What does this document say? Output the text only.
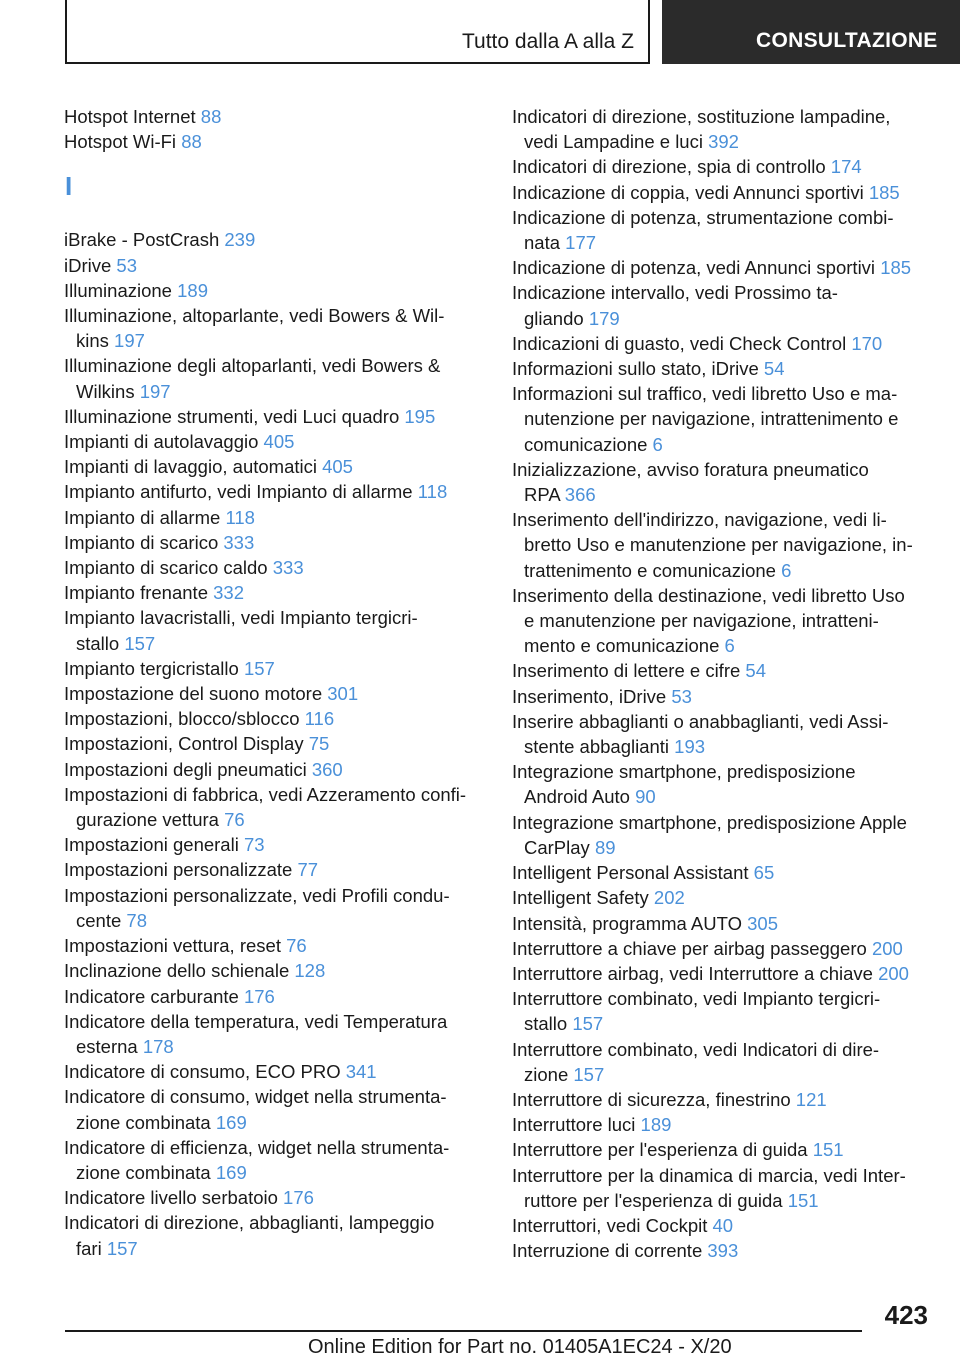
Tutto dalla A alla Z	CONSULTAZIONE
Hotspot Internet 88
Hotspot Wi-Fi 88
I
iBrake - PostCrash 239
iDrive 53
Illuminazione 189
Illuminazione, altoparlante, vedi Bowers & Wil-
kins 197
Illuminazione degli altoparlanti, vedi Bowers &
Wilkins 197
Illuminazione strumenti, vedi Luci quadro 195
Impianti di autolavaggio 405
Impianti di lavaggio, automatici 405
Impianto antifurto, vedi Impianto di allarme 118
Impianto di allarme 118
Impianto di scarico 333
Impianto di scarico caldo 333
Impianto frenante 332
Impianto lavacristalli, vedi Impianto tergicri-
stallo 157
Impianto tergicristallo 157
Impostazione del suono motore 301
Impostazioni, blocco/sblocco 116
Impostazioni, Control Display 75
Impostazioni degli pneumatici 360
Impostazioni di fabbrica, vedi Azzeramento confi-
gurazione vettura 76
Impostazioni generali 73
Impostazioni personalizzate 77
Impostazioni personalizzate, vedi Profili condu-
cente 78
Impostazioni vettura, reset 76
Inclinazione dello schienale 128
Indicatore carburante 176
Indicatore della temperatura, vedi Temperatura
esterna 178
Indicatore di consumo, ECO PRO 341
Indicatore di consumo, widget nella strumenta-
zione combinata 169
Indicatore di efficienza, widget nella strumenta-
zione combinata 169
Indicatore livello serbatoio 176
Indicatori di direzione, abbaglianti, lampeggio
fari 157
Indicatori di direzione, sostituzione lampadine,
vedi Lampadine e luci 392
Indicatori di direzione, spia di controllo 174
Indicazione di coppia, vedi Annunci sportivi 185
Indicazione di potenza, strumentazione combi-
nata 177
Indicazione di potenza, vedi Annunci sportivi 185
Indicazione intervallo, vedi Prossimo ta-
gliando 179
Indicazioni di guasto, vedi Check Control 170
Informazioni sullo stato, iDrive 54
Informazioni sul traffico, vedi libretto Uso e ma-
nutenzione per navigazione, intrattenimento e
comunicazione 6
Inizializzazione, avviso foratura pneumatico
RPA 366
Inserimento dell'indirizzo, navigazione, vedi li-
bretto Uso e manutenzione per navigazione, in-
trattenimento e comunicazione 6
Inserimento della destinazione, vedi libretto Uso
e manutenzione per navigazione, intratteni-
mento e comunicazione 6
Inserimento di lettere e cifre 54
Inserimento, iDrive 53
Inserire abbaglianti o anabbaglianti, vedi Assi-
stente abbaglianti 193
Integrazione smartphone, predisposizione
Android Auto 90
Integrazione smartphone, predisposizione Apple
CarPlay 89
Intelligent Personal Assistant 65
Intelligent Safety 202
Intensità, programma AUTO 305
Interruttore a chiave per airbag passeggero 200
Interruttore airbag, vedi Interruttore a chiave 200
Interruttore combinato, vedi Impianto tergicri-
stallo 157
Interruttore combinato, vedi Indicatori di dire-
zione 157
Interruttore di sicurezza, finestrino 121
Interruttore luci 189
Interruttore per l'esperienza di guida 151
Interruttore per la dinamica di marcia, vedi Inter-
ruttore per l'esperienza di guida 151
Interruttori, vedi Cockpit 40
Interruzione di corrente 393
423
Online Edition for Part no. 01405A1EC24 - X/20
